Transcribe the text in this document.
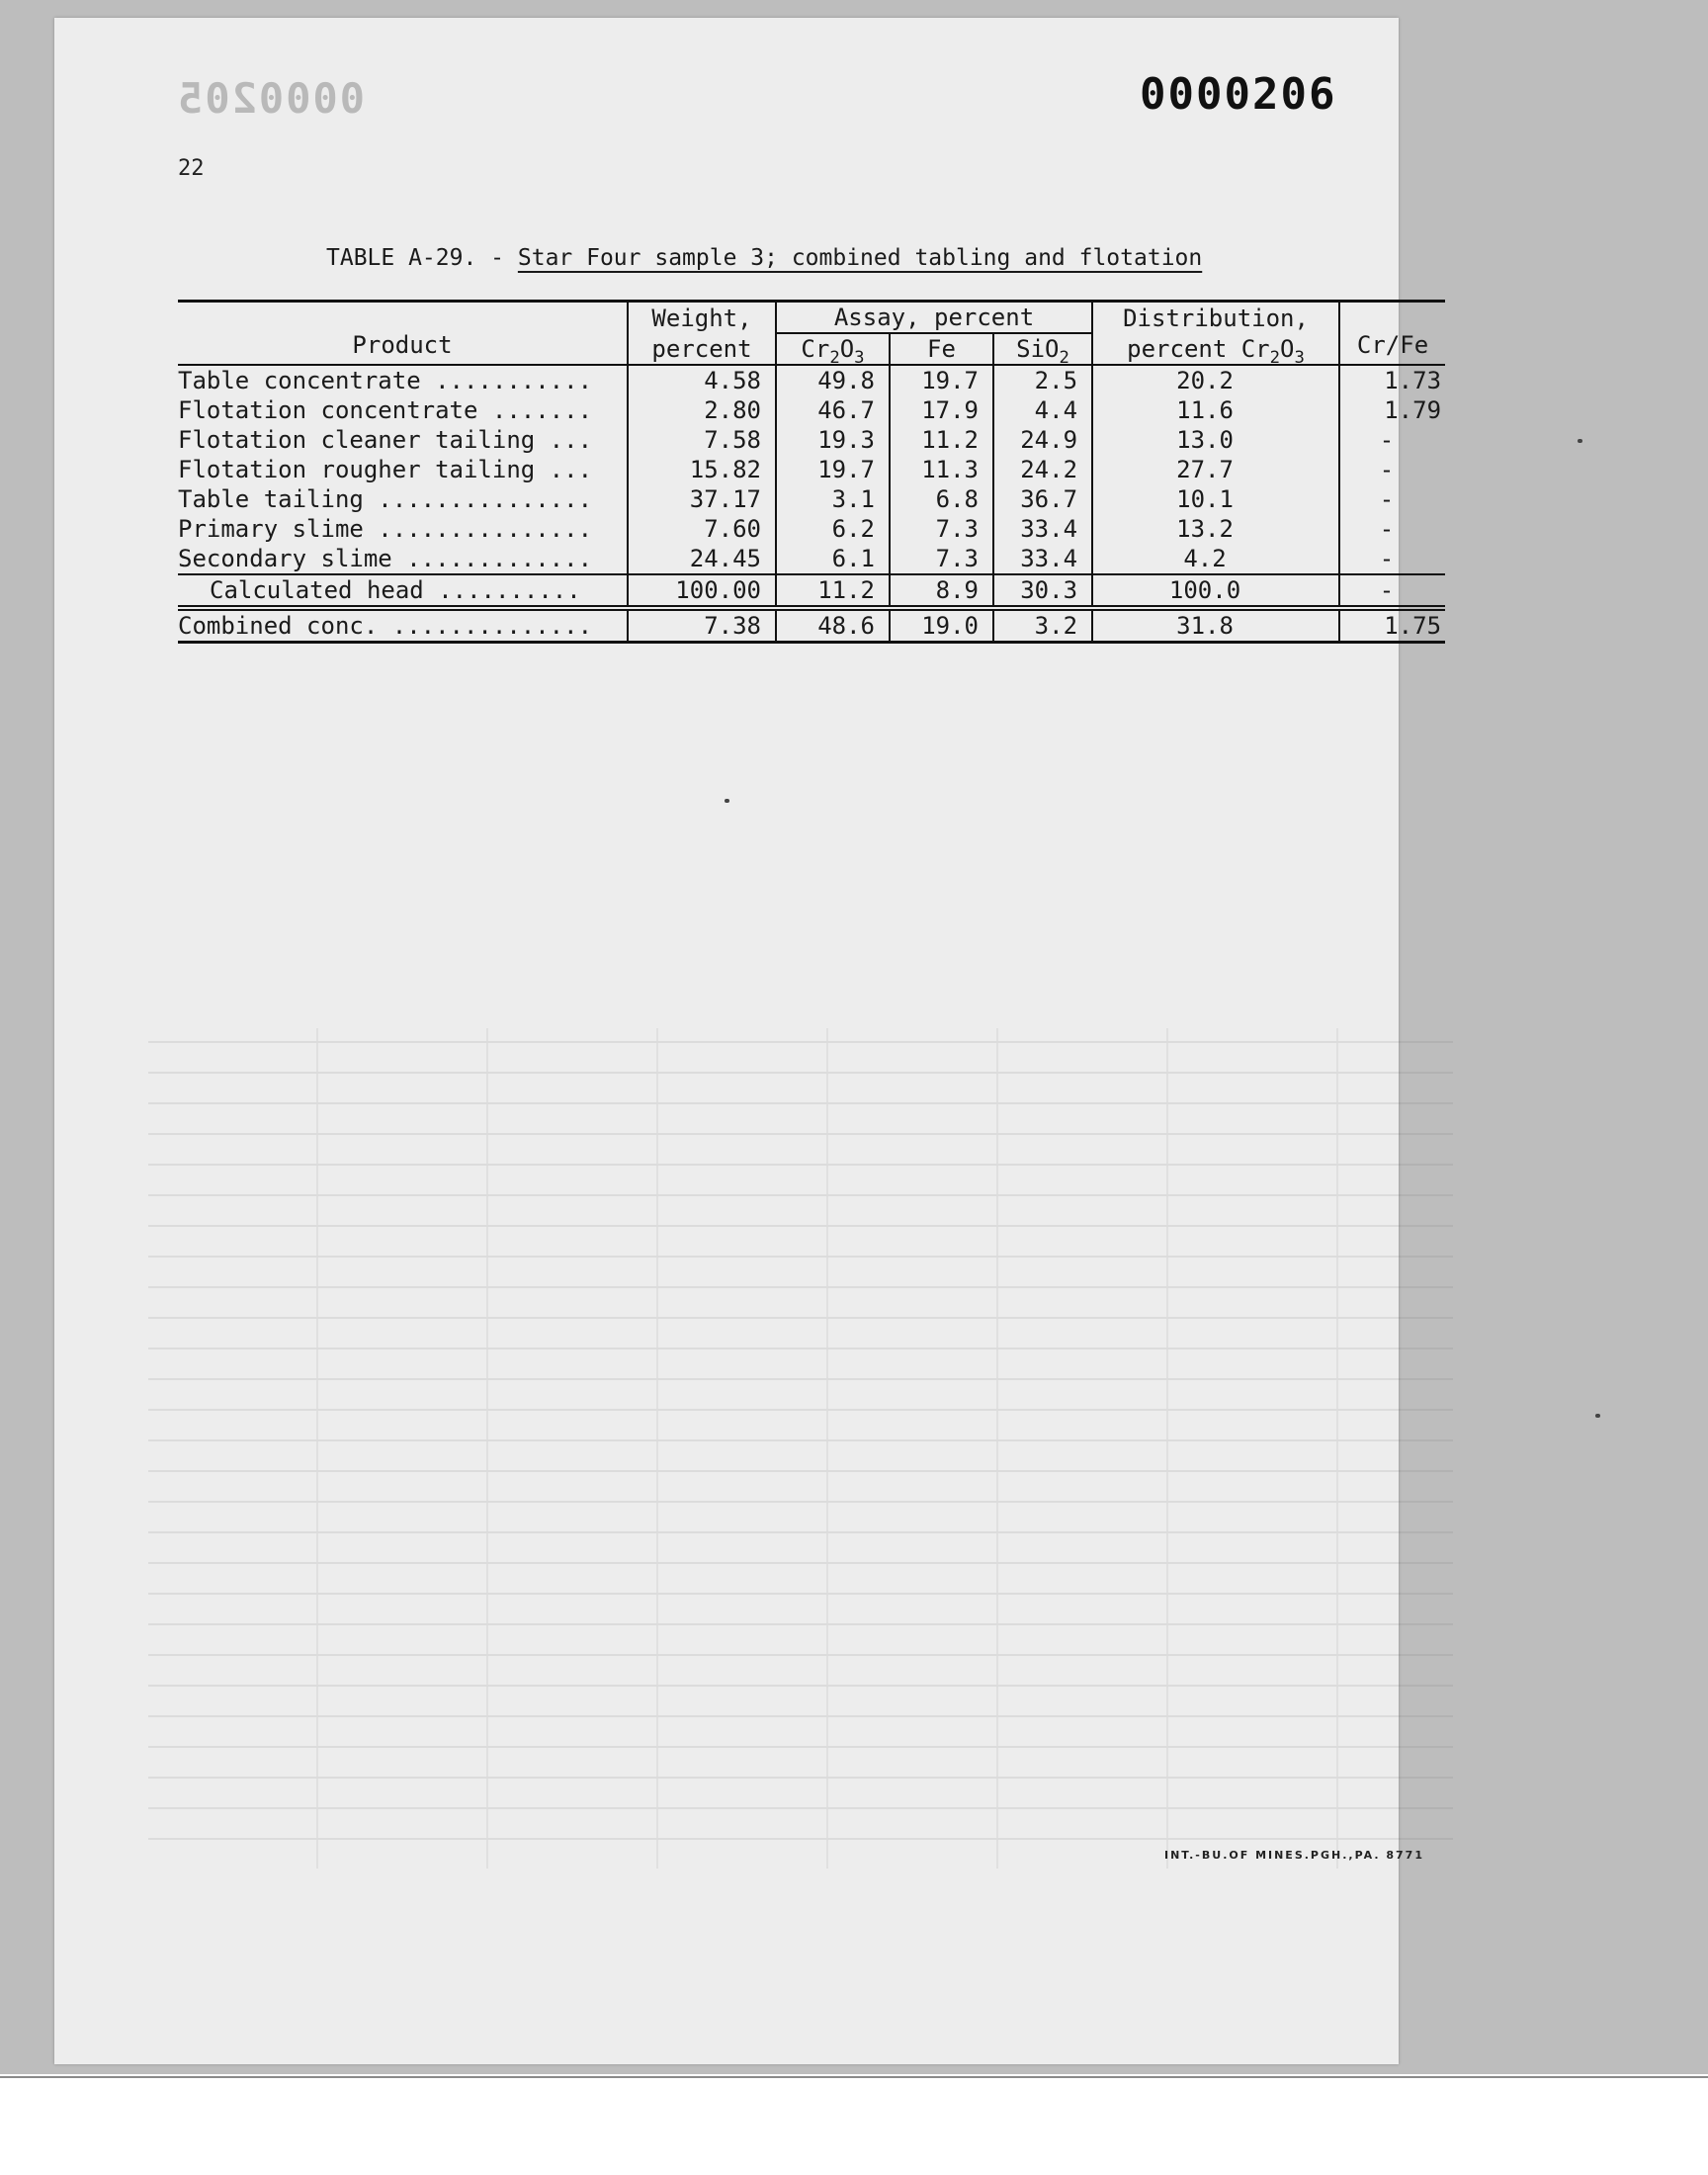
0000205	0000206
22
TABLE A-29. - Star Four sample 3; combined tabling and flotation
Product	Weight,	Assay, percent			Distribution,	Cr/Fe
	percent	$Cr_2O_3$	Fe	SiO$_2$	percent $Cr_2O_3$
Table concentrate ...........	4.58	49.8	19.7	2.5	20.2	1.73
Flotation concentrate .......	2.80	46.7	17.9	4.4	11.6	1.79
Flotation cleaner tailing ...	7.58	19.3	11.2	24.9	13.0	-
Flotation rougher tailing ...	15.82	19.7	11.3	24.2	27.7	-
Table tailing ...............	37.17	3.1	6.8	36.7	10.1	-
Primary slime ...............	7.60	6.2	7.3	33.4	13.2	-
Secondary slime .............	24.45	6.1	7.3	33.4	4.2	-
Calculated head ..........	100.00	11.2	8.9	30.3	100.0	-
Combined conc. ..............	7.38	48.6	19.0	3.2	31.8	1.75
INT.-BU.OF MINES.PGH.,PA. 8771
